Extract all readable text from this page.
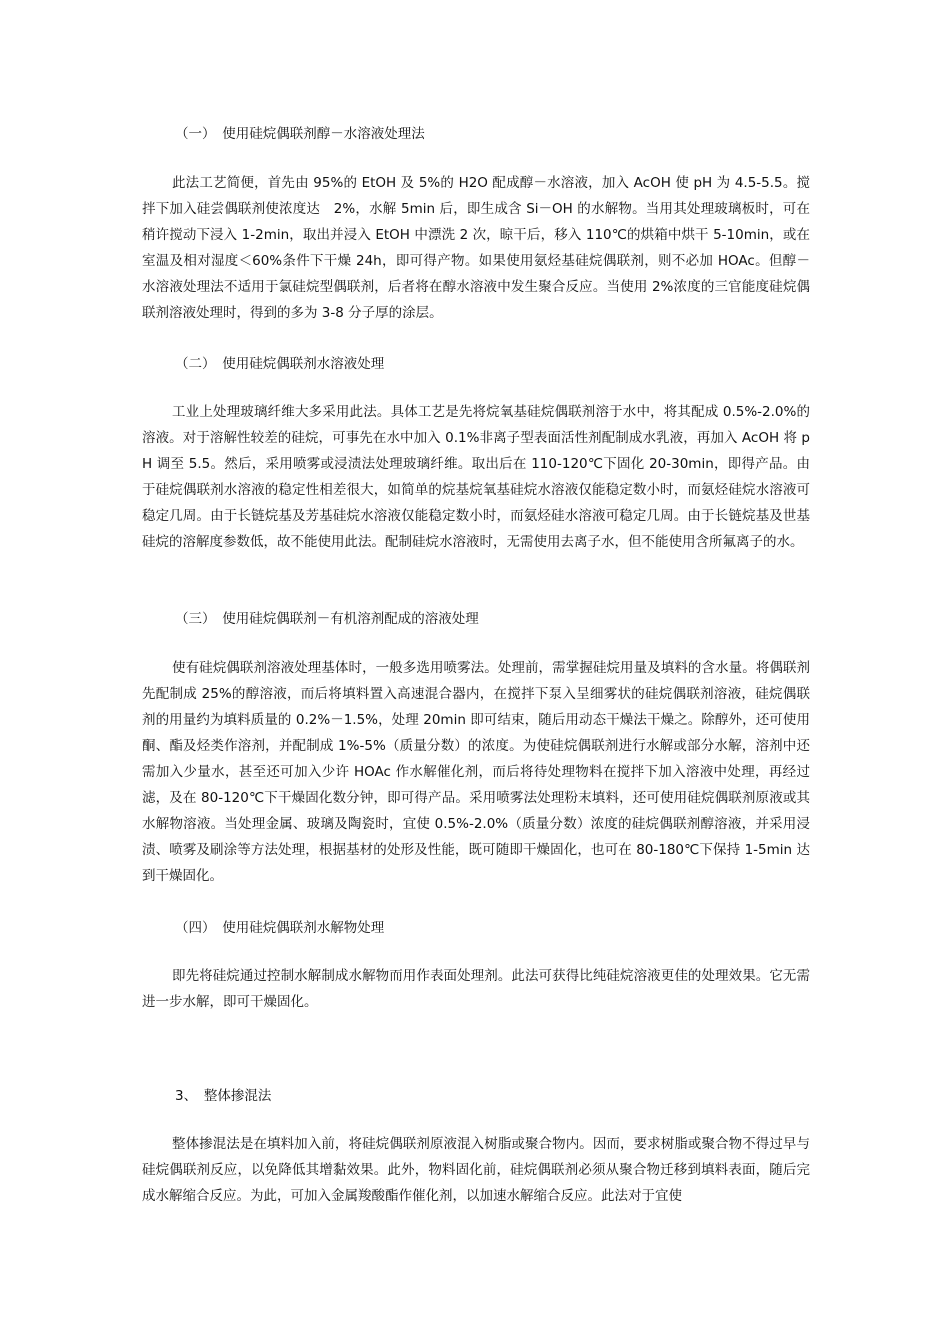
（一）　使用硅烷偶联剂醇－水溶液处理法

此法工艺简便，首先由 95%的 EtOH 及 5%的 H2O 配成醇－水溶液，加入 AcOH 使 pH 为 4.5-5.5。搅拌下加入硅尝偶联剂使浓度达　2%，水解 5min 后，即生成含 Si－OH 的水解物。当用其处理玻璃板时，可在稍许搅动下浸入 1-2min，取出并浸入 EtOH 中漂洗 2 次，晾干后，移入 110℃的烘箱中烘干 5-10min，或在室温及相对湿度＜60%条件下干燥 24h，即可得产物。如果使用氨烃基硅烷偶联剂，则不必加 HOAc。但醇－水溶液处理法不适用于氯硅烷型偶联剂，后者将在醇水溶液中发生聚合反应。当使用 2%浓度的三官能度硅烷偶联剂溶液处理时，得到的多为 3-8 分子厚的涂层。

（二）　使用硅烷偶联剂水溶液处理

工业上处理玻璃纤维大多采用此法。具体工艺是先将烷氧基硅烷偶联剂溶于水中，将其配成 0.5%-2.0%的溶液。对于溶解性较差的硅烷，可事先在水中加入 0.1%非离子型表面活性剂配制成水乳液，再加入 AcOH 将 pH 调至 5.5。然后，采用喷雾或浸渍法处理玻璃纤维。取出后在 110-120℃下固化 20-30min，即得产品。由于硅烷偶联剂水溶液的稳定性相差很大，如简单的烷基烷氧基硅烷水溶液仅能稳定数小时，而氨烃硅烷水溶液可稳定几周。由于长链烷基及芳基硅烷水溶液仅能稳定数小时，而氨烃硅水溶液可稳定几周。由于长链烷基及世基硅烷的溶解度参数低，故不能使用此法。配制硅烷水溶液时，无需使用去离子水，但不能使用含所氟离子的水。

（三）　使用硅烷偶联剂－有机溶剂配成的溶液处理

使有硅烷偶联剂溶液处理基体时，一般多选用喷雾法。处理前，需掌握硅烷用量及填料的含水量。将偶联剂先配制成 25%的醇溶液，而后将填料置入高速混合器内，在搅拌下泵入呈细雾状的硅烷偶联剂溶液，硅烷偶联剂的用量约为填料质量的 0.2%－1.5%，处理 20min 即可结束，随后用动态干燥法干燥之。除醇外，还可使用酮、酯及烃类作溶剂，并配制成 1%-5%（质量分数）的浓度。为使硅烷偶联剂进行水解或部分水解，溶剂中还需加入少量水，甚至还可加入少许 HOAc 作水解催化剂，而后将待处理物料在搅拌下加入溶液中处理，再经过滤，及在 80-120℃下干燥固化数分钟，即可得产品。采用喷雾法处理粉末填料，还可使用硅烷偶联剂原液或其水解物溶液。当处理金属、玻璃及陶瓷时，宜使 0.5%-2.0%（质量分数）浓度的硅烷偶联剂醇溶液，并采用浸渍、喷雾及刷涂等方法处理，根据基材的处形及性能，既可随即干燥固化，也可在 80-180℃下保持 1-5min 达到干燥固化。

（四）　使用硅烷偶联剂水解物处理

即先将硅烷通过控制水解制成水解物而用作表面处理剂。此法可获得比纯硅烷溶液更佳的处理效果。它无需进一步水解，即可干燥固化。

3、　整体掺混法

整体掺混法是在填料加入前，将硅烷偶联剂原液混入树脂或聚合物内。因而，要求树脂或聚合物不得过早与硅烷偶联剂反应，以免降低其增黏效果。此外，物料固化前，硅烷偶联剂必须从聚合物迁移到填料表面，随后完成水解缩合反应。为此，可加入金属羧酸酯作催化剂，以加速水解缩合反应。此法对于宜使
